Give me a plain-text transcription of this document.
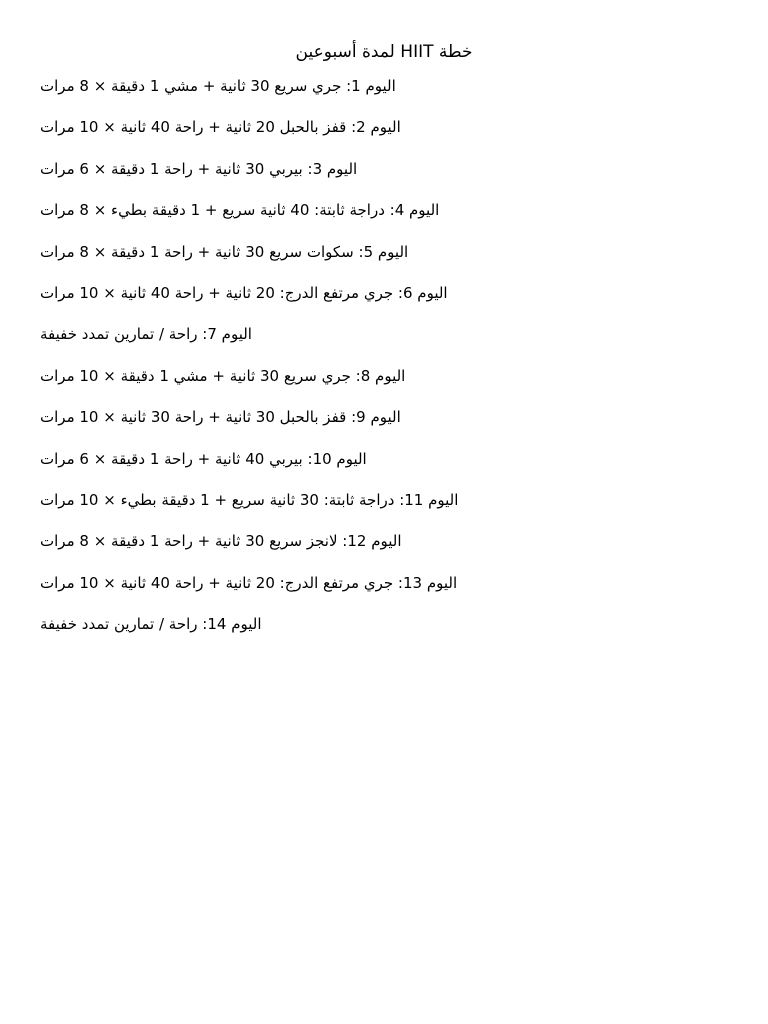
خطة HIIT لمدة أسبوعين
اليوم 1: جري سريع 30 ثانية + مشي 1 دقيقة × 8 مرات
اليوم 2: قفز بالحبل 20 ثانية + راحة 40 ثانية × 10 مرات
اليوم 3: بيربي 30 ثانية + راحة 1 دقيقة × 6 مرات
اليوم 4: دراجة ثابتة: 40 ثانية سريع + 1 دقيقة بطيء × 8 مرات
اليوم 5: سكوات سريع 30 ثانية + راحة 1 دقيقة × 8 مرات
اليوم 6: جري مرتفع الدرج: 20 ثانية + راحة 40 ثانية × 10 مرات
اليوم 7: راحة / تمارين تمدد خفيفة
اليوم 8: جري سريع 30 ثانية + مشي 1 دقيقة × 10 مرات
اليوم 9: قفز بالحبل 30 ثانية + راحة 30 ثانية × 10 مرات
اليوم 10: بيربي 40 ثانية + راحة 1 دقيقة × 6 مرات
اليوم 11: دراجة ثابتة: 30 ثانية سريع + 1 دقيقة بطيء × 10 مرات
اليوم 12: لانجز سريع 30 ثانية + راحة 1 دقيقة × 8 مرات
اليوم 13: جري مرتفع الدرج: 20 ثانية + راحة 40 ثانية × 10 مرات
اليوم 14: راحة / تمارين تمدد خفيفة
